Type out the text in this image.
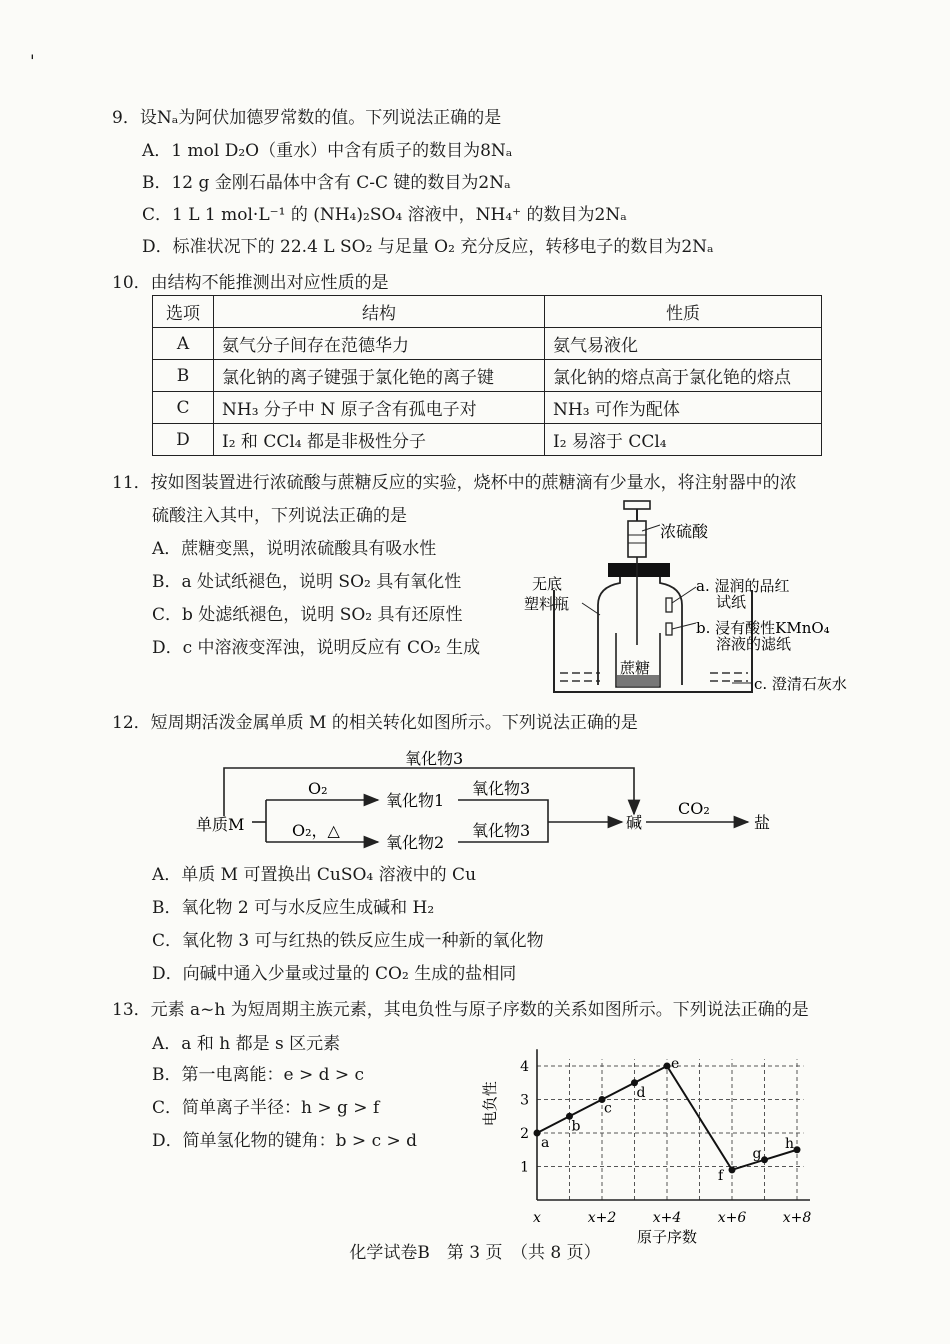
'
9．设Nₐ为阿伏加德罗常数的值。下列说法正确的是
A．1 mol D₂O（重水）中含有质子的数目为8Nₐ
B．12 g 金刚石晶体中含有 C-C 键的数目为2Nₐ
C．1 L 1 mol·L⁻¹ 的 (NH₄)₂SO₄ 溶液中，NH₄⁺ 的数目为2Nₐ
D．标准状况下的 22.4 L SO₂ 与足量 O₂ 充分反应，转移电子的数目为2Nₐ
10．由结构不能推测出对应性质的是
选项	结构	性质
A	氨气分子间存在范德华力	氨气易液化
B	氯化钠的离子键强于氯化铯的离子键	氯化钠的熔点高于氯化铯的熔点
C	NH₃ 分子中 N 原子含有孤电子对	NH₃ 可作为配体
D	I₂ 和 CCl₄ 都是非极性分子	I₂ 易溶于 CCl₄
11．按如图装置进行浓硫酸与蔗糖反应的实验，烧杯中的蔗糖滴有少量水，将注射器中的浓
硫酸注入其中，下列说法正确的是
A．蔗糖变黑，说明浓硫酸具有吸水性
B．a 处试纸褪色，说明 SO₂ 具有氧化性
C．b 处滤纸褪色，说明 SO₂ 具有还原性
D．c 中溶液变浑浊，说明反应有 CO₂ 生成
浓硫酸
无底
塑料瓶
a. 湿润的品红
试纸
b. 浸有酸性KMnO₄
溶液的滤纸
蔗糖
c. 澄清石灰水
12．短周期活泼金属单质 M 的相关转化如图所示。下列说法正确的是
氧化物3
单质M
O₂
O₂，△
氧化物1
氧化物2
氧化物3
氧化物3	碱
CO₂
盐
A．单质 M 可置换出 CuSO₄ 溶液中的 Cu
B．氧化物 2 可与水反应生成碱和 H₂
C．氧化物 3 可与红热的铁反应生成一种新的氧化物
D．向碱中通入少量或过量的 CO₂ 生成的盐相同
13．元素 a~h 为短周期主族元素，其电负性与原子序数的关系如图所示。下列说法正确的是
A．a 和 h 都是 s 区元素
B．第一电离能：e > d > c
C．简单离子半径：h > g > f
D．简单氢化物的键角：b > c > d
x	x+2	x+4	x+6	x+8
1
2
3
4
a
b
c
d
e
f
g
h
电负性
原子序数
化学试卷B　第 3 页　（共 8 页）
